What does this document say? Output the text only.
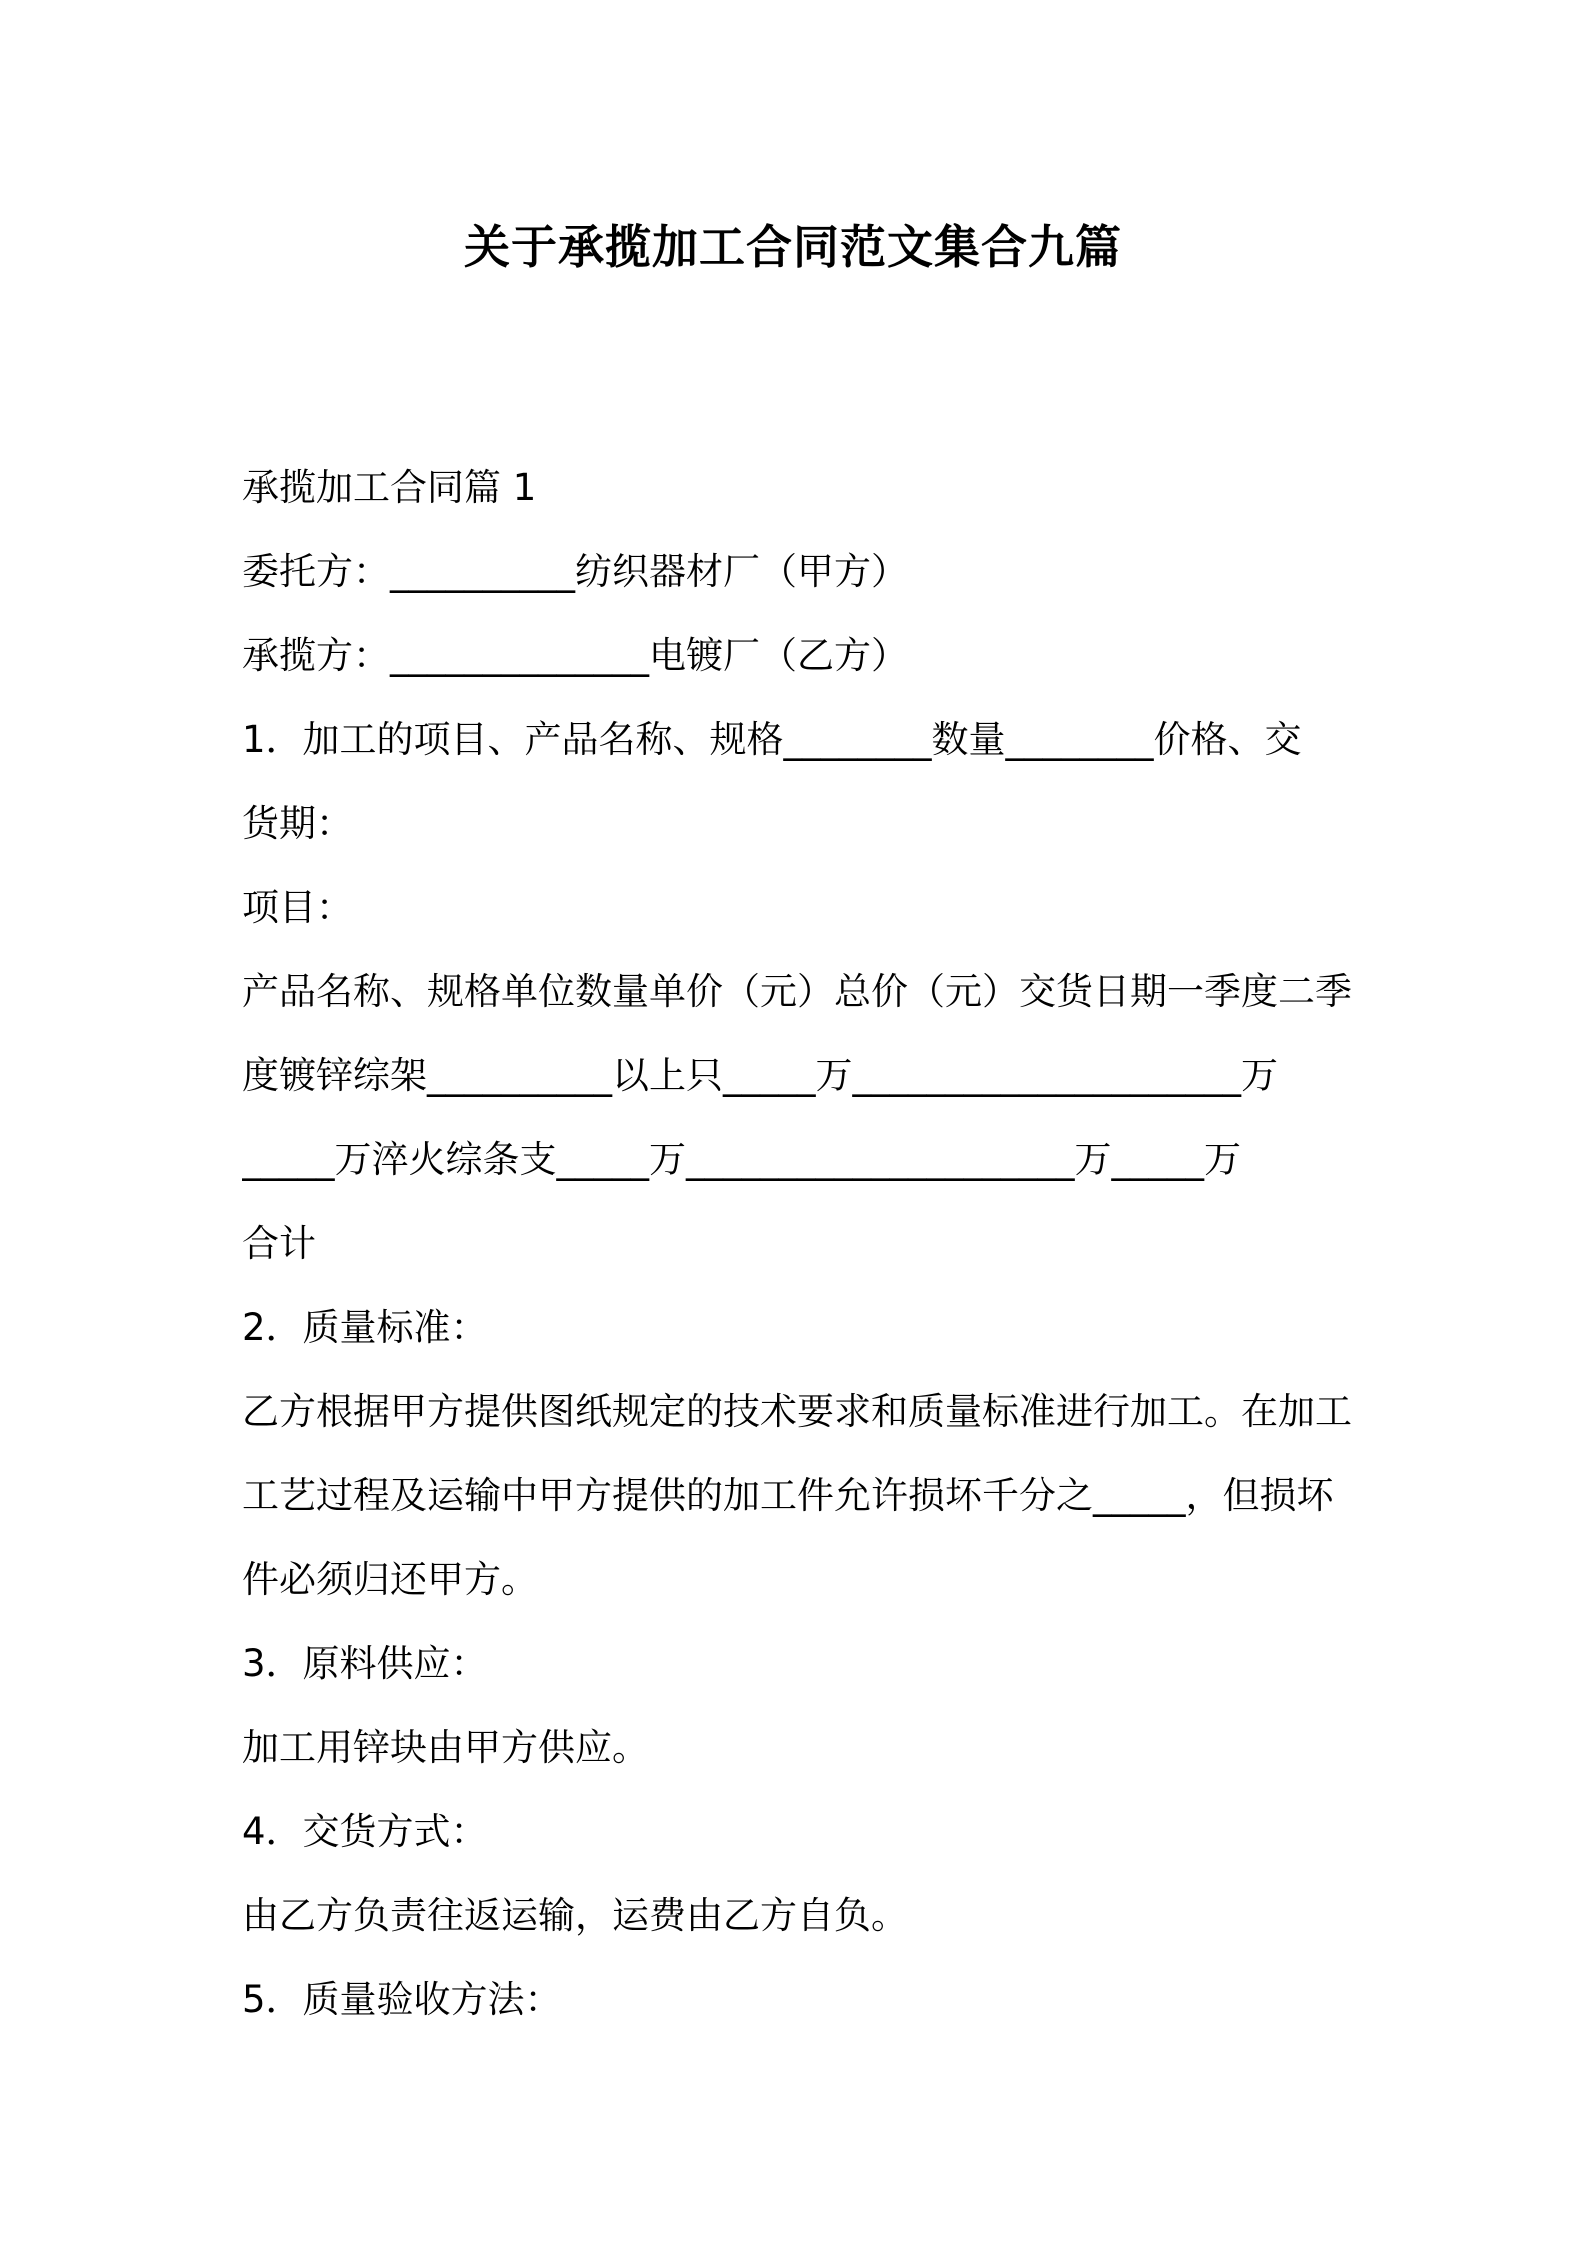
关于承揽加工合同范文集合九篇

承揽加工合同篇 1

委托方：__________纺织器材厂（甲方）

承揽方：______________电镀厂（乙方）

1．加工的项目、产品名称、规格________数量________价格、交

货期：

项目：

产品名称、规格单位数量单价（元）总价（元）交货日期一季度二季

度镀锌综架__________以上只_____万_____________________万

_____万淬火综条支_____万_____________________万_____万

合计

2．质量标准：

乙方根据甲方提供图纸规定的技术要求和质量标准进行加工。在加工

工艺过程及运输中甲方提供的加工件允许损坏千分之_____，但损坏

件必须归还甲方。

3．原料供应：

加工用锌块由甲方供应。

4．交货方式：

由乙方负责往返运输，运费由乙方自负。

5．质量验收方法：
